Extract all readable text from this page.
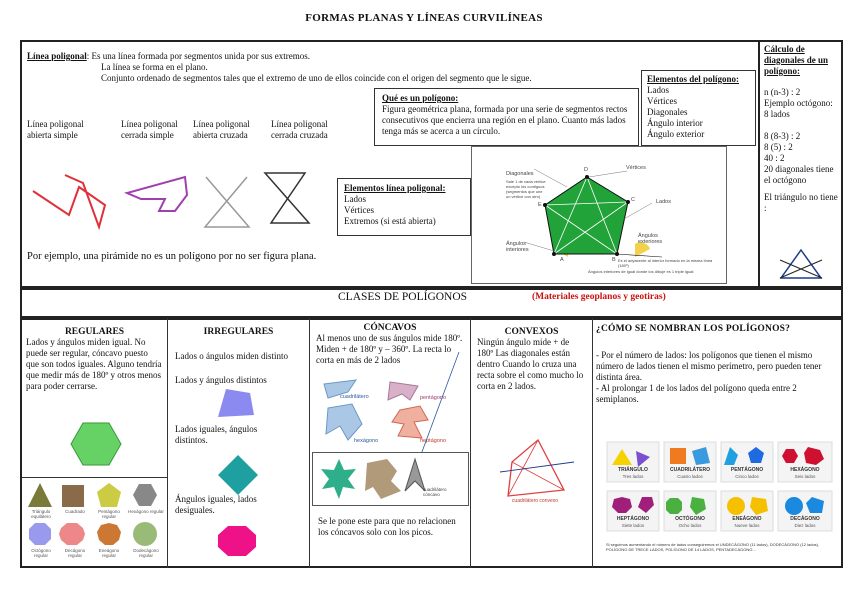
FORMAS PLANAS Y LÍNEAS CURVILÍNEAS
Línea poligonal: Es una línea formada por segmentos unida por sus extremos.
La línea se forma en el plano.
Conjunto ordenado de segmentos tales que el extremo de uno de ellos coincide con el origen del segmento que le sigue.
Línea poligonal abierta simple
Línea poligonal cerrada simple
Línea poligonal abierta cruzada
Línea poligonal cerrada cruzada
Por ejemplo, una pirámide no es un polígono por no ser figura plana.
Qué es un polígono:
Figura geométrica plana, formada por una serie de segmentos rectos consecutivos que encierra una región en el plano. Cuanto más lados tenga más se acerca a un círculo.
Elementos del polígono:
Lados
Vértices
Diagonales
Ángulo interior
Ángulo exterior
Elementos línea poligonal:
Lados
Vértices
Extremos (si está abierta)
Diagonales
Sale 1 de cada vértice excepto los contiguos (segmentos que une un vértice con otro)
Vértices
Lados
Ángulos exteriores
Ángulos interiores
Es el adyacente al interior formado en la misma línea (180º)
Ángulos interiores de igual donde los dibuje es 1 triple igual
D
E
C
A	B
Cálculo de diagonales de un polígono:
n (n-3) : 2
Ejemplo octógono:
8 lados
8 (8-3) : 2
8 (5) : 2
40 : 2
20 diagonales tiene el octógono
El triángulo no tiene :
CLASES DE POLÍGONOS	(Materiales geoplanos y geotiras)
REGULARES
Lados y ángulos miden igual. No puede ser regular, cóncavo puesto que son todos iguales. Alguno tendría que medir más de 180º y otros menos para poder cerrarse.
Triángulo equilátero
Cuadrado	Pentágono regular
Hexágono regular
Octógono regular
Decágono regular
Eneágono regular
Dodecágono regular
IRREGULARES
Lados o ángulos miden distinto
Lados y ángulos distintos
Lados iguales, ángulos distintos.
Ángulos iguales, lados desiguales.
CÓNCAVOS
Al menos uno de sus ángulos mide 180º. Miden + de 180º y – 360º. La recta lo corta en más de 2 lados
cuadrilátero	pentágono
hexágono	heptágono
cuadrilátero cóncavo
Se le pone este para que no relacionen los cóncavos solo con los picos.
CONVEXOS
Ningún ángulo mide + de 180º Las diagonales están dentro Cuando lo cruza una recta sobre el como mucho lo corta en 2 lados.
cuadrilátero convexo
¿CÓMO SE NOMBRAN LOS POLÍGONOS?
- Por el número de lados: los polígonos que tienen el mismo número de lados tienen el mismo perímetro, pero pueden tener distinta área.
- Al prolongar 1 de los lados del polígono queda entre 2 semiplanos.
TRIÁNGULO
Tres lados
CUADRILÁTERO
Cuatro lados
PENTÁGONO
Cinco lados
HEXÁGONO
Seis lados
HEPTÁGONO
Siete lados
OCTÓGONO
Ocho lados
ENEÁGONO
Nueve lados
DECÁGONO
Diez lados
Si seguimos aumentando el número de lados conseguiremos el UNDECÁGONO (11 lados), DODECÁGONO (12 lados), POLÍGONO DE TRECE LADOS, POLÍGONO DE 14 LADOS, PENTADECÁGONO...
